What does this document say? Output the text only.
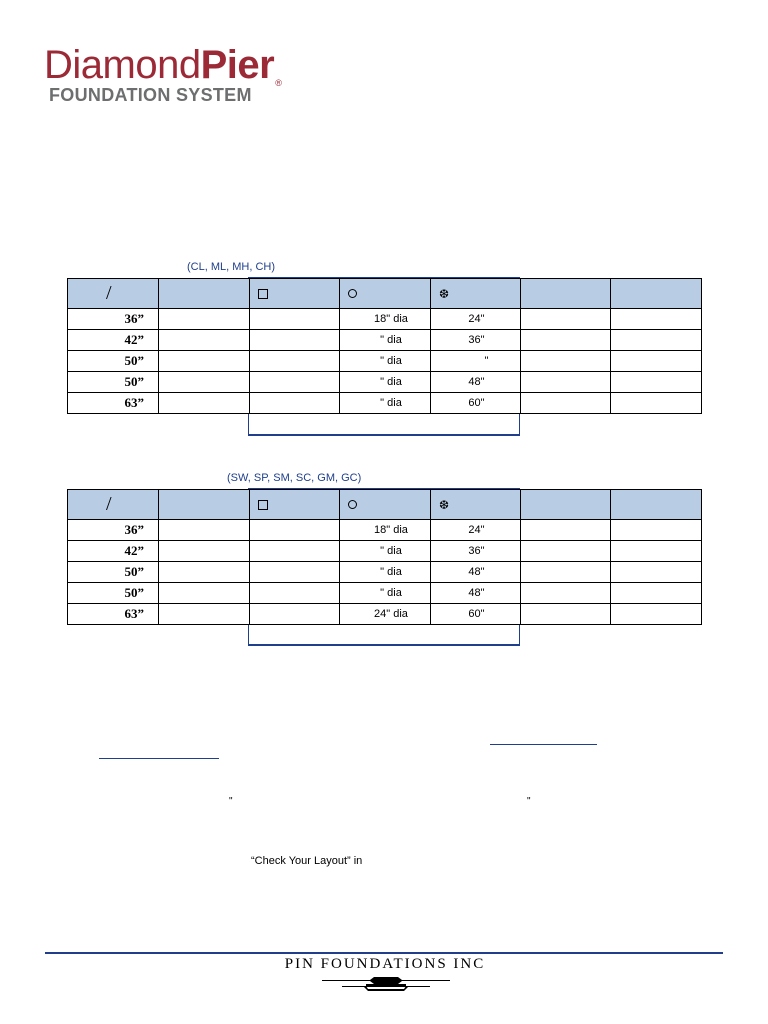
DiamondPier®
FOUNDATION SYSTEM
(CL, ML, MH, CH)
/				❆		
36”			18" dia	24"		
42”			" dia	36"		
50”			" dia	"		
50”			" dia	48"		
63”			" dia	60"		
(SW, SP, SM, SC, GM, GC)
/				❆		
36”			18" dia	24"		
42”			" dia	36"		
50”			" dia	48"		
50”			" dia	48"		
63”			24" dia	60"		
"	"
“Check Your Layout” in
PIN FOUNDATIONS INC
